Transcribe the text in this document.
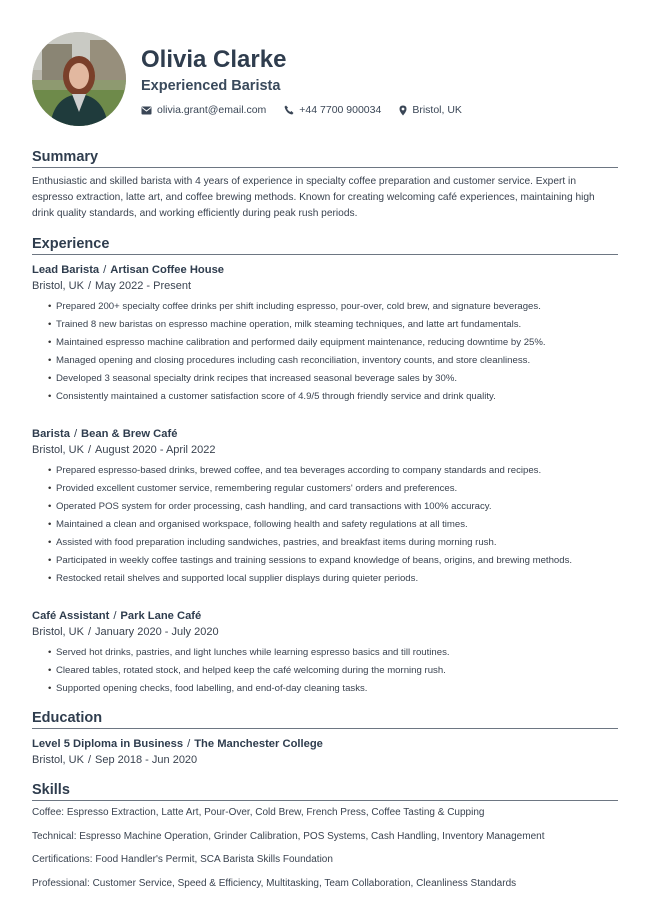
Olivia Clarke
Experienced Barista
olivia.grant@email.com	+44 7700 900034	Bristol, UK
Summary
Enthusiastic and skilled barista with 4 years of experience in specialty coffee preparation and customer service. Expert in espresso extraction, latte art, and coffee brewing methods. Known for creating welcoming café experiences, maintaining high drink quality standards, and working efficiently during peak rush periods.
Experience
Lead Barista / Artisan Coffee House
Bristol, UK / May 2022 - Present
• Prepared 200+ specialty coffee drinks per shift including espresso, pour-over, cold brew, and signature beverages.
• Trained 8 new baristas on espresso machine operation, milk steaming techniques, and latte art fundamentals.
• Maintained espresso machine calibration and performed daily equipment maintenance, reducing downtime by 25%.
• Managed opening and closing procedures including cash reconciliation, inventory counts, and store cleanliness.
• Developed 3 seasonal specialty drink recipes that increased seasonal beverage sales by 30%.
• Consistently maintained a customer satisfaction score of 4.9/5 through friendly service and drink quality.
Barista / Bean & Brew Café
Bristol, UK / August 2020 - April 2022
• Prepared espresso-based drinks, brewed coffee, and tea beverages according to company standards and recipes.
• Provided excellent customer service, remembering regular customers' orders and preferences.
• Operated POS system for order processing, cash handling, and card transactions with 100% accuracy.
• Maintained a clean and organised workspace, following health and safety regulations at all times.
• Assisted with food preparation including sandwiches, pastries, and breakfast items during morning rush.
• Participated in weekly coffee tastings and training sessions to expand knowledge of beans, origins, and brewing methods.
• Restocked retail shelves and supported local supplier displays during quieter periods.
Café Assistant / Park Lane Café
Bristol, UK / January 2020 - July 2020
• Served hot drinks, pastries, and light lunches while learning espresso basics and till routines.
• Cleared tables, rotated stock, and helped keep the café welcoming during the morning rush.
• Supported opening checks, food labelling, and end-of-day cleaning tasks.
Education
Level 5 Diploma in Business / The Manchester College
Bristol, UK / Sep 2018 - Jun 2020
Skills
Coffee: Espresso Extraction, Latte Art, Pour-Over, Cold Brew, French Press, Coffee Tasting & Cupping
Technical: Espresso Machine Operation, Grinder Calibration, POS Systems, Cash Handling, Inventory Management
Certifications: Food Handler's Permit, SCA Barista Skills Foundation
Professional: Customer Service, Speed & Efficiency, Multitasking, Team Collaboration, Cleanliness Standards
